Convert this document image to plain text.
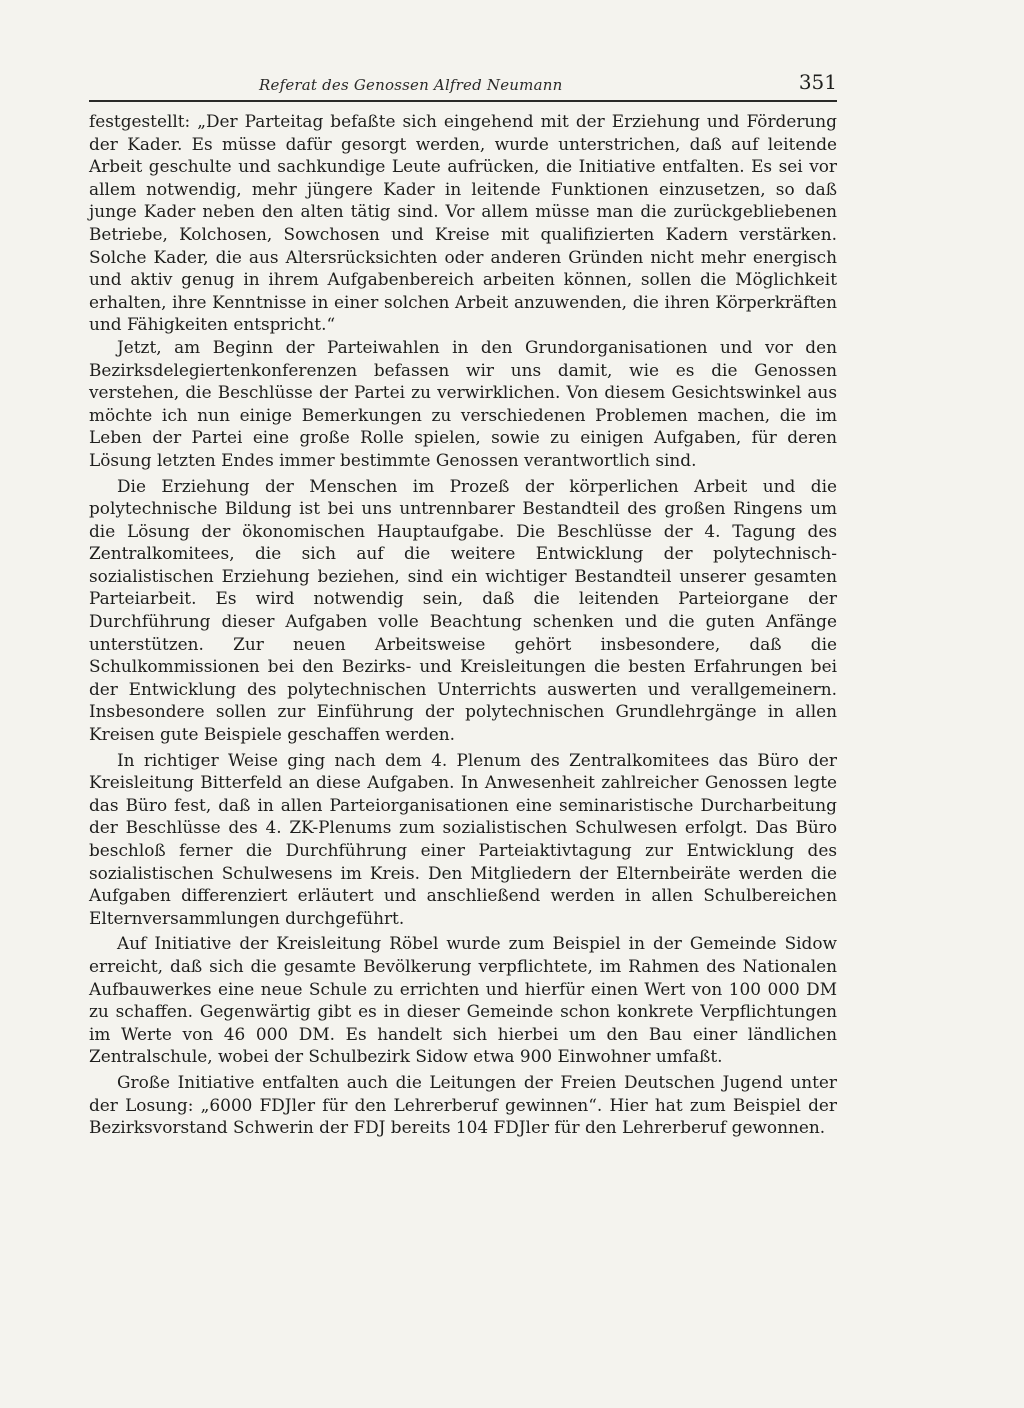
Referat des Genossen Alfred Neumann	351

festgestellt: „Der Parteitag befaßte sich eingehend mit der Erziehung und Förderung der Kader. Es müsse dafür gesorgt werden, wurde unterstrichen, daß auf leitende Arbeit geschulte und sachkundige Leute aufrücken, die Initiative entfalten. Es sei vor allem notwendig, mehr jüngere Kader in leitende Funktionen einzusetzen, so daß junge Kader neben den alten tätig sind. Vor allem müsse man die zurückgebliebenen Betriebe, Kolchosen, Sowchosen und Kreise mit qualifizierten Kadern verstärken. Solche Kader, die aus Altersrücksichten oder anderen Gründen nicht mehr energisch und aktiv genug in ihrem Aufgabenbereich arbeiten können, sollen die Möglichkeit erhalten, ihre Kenntnisse in einer solchen Arbeit anzuwenden, die ihren Körperkräften und Fähigkeiten entspricht.“

Jetzt, am Beginn der Parteiwahlen in den Grundorganisationen und vor den Bezirksdelegiertenkonferenzen befassen wir uns damit, wie es die Genossen verstehen, die Beschlüsse der Partei zu verwirklichen. Von diesem Gesichtswinkel aus möchte ich nun einige Bemerkungen zu verschiedenen Problemen machen, die im Leben der Partei eine große Rolle spielen, sowie zu einigen Aufgaben, für deren Lösung letzten Endes immer bestimmte Genossen verantwortlich sind.

Die Erziehung der Menschen im Prozeß der körperlichen Arbeit und die polytechnische Bildung ist bei uns untrennbarer Bestandteil des großen Ringens um die Lösung der ökonomischen Hauptaufgabe. Die Beschlüsse der 4. Tagung des Zentralkomitees, die sich auf die weitere Entwicklung der polytechnisch-sozialistischen Erziehung beziehen, sind ein wichtiger Bestandteil unserer gesamten Parteiarbeit. Es wird notwendig sein, daß die leitenden Parteiorgane der Durchführung dieser Aufgaben volle Beachtung schenken und die guten Anfänge unterstützen. Zur neuen Arbeitsweise gehört insbesondere, daß die Schulkommissionen bei den Bezirks- und Kreisleitungen die besten Erfahrungen bei der Entwicklung des polytechnischen Unterrichts auswerten und verallgemeinern. Insbesondere sollen zur Einführung der polytechnischen Grundlehrgänge in allen Kreisen gute Beispiele geschaffen werden.

In richtiger Weise ging nach dem 4. Plenum des Zentralkomitees das Büro der Kreisleitung Bitterfeld an diese Aufgaben. In Anwesenheit zahlreicher Genossen legte das Büro fest, daß in allen Parteiorganisationen eine seminaristische Durcharbeitung der Beschlüsse des 4. ZK-Plenums zum sozialistischen Schulwesen erfolgt. Das Büro beschloß ferner die Durchführung einer Parteiaktivtagung zur Entwicklung des sozialistischen Schulwesens im Kreis. Den Mitgliedern der Elternbeiräte werden die Aufgaben differenziert erläutert und anschließend werden in allen Schulbereichen Elternversammlungen durchgeführt.

Auf Initiative der Kreisleitung Röbel wurde zum Beispiel in der Gemeinde Sidow erreicht, daß sich die gesamte Bevölkerung verpflichtete, im Rahmen des Nationalen Aufbauwerkes eine neue Schule zu errichten und hierfür einen Wert von 100 000 DM zu schaffen. Gegenwärtig gibt es in dieser Gemeinde schon konkrete Verpflichtungen im Werte von 46 000 DM. Es handelt sich hierbei um den Bau einer ländlichen Zentralschule, wobei der Schulbezirk Sidow etwa 900 Einwohner umfaßt.

Große Initiative entfalten auch die Leitungen der Freien Deutschen Jugend unter der Losung: „6000 FDJler für den Lehrerberuf gewinnen“. Hier hat zum Beispiel der Bezirksvorstand Schwerin der FDJ bereits 104 FDJler für den Lehrerberuf gewonnen.
